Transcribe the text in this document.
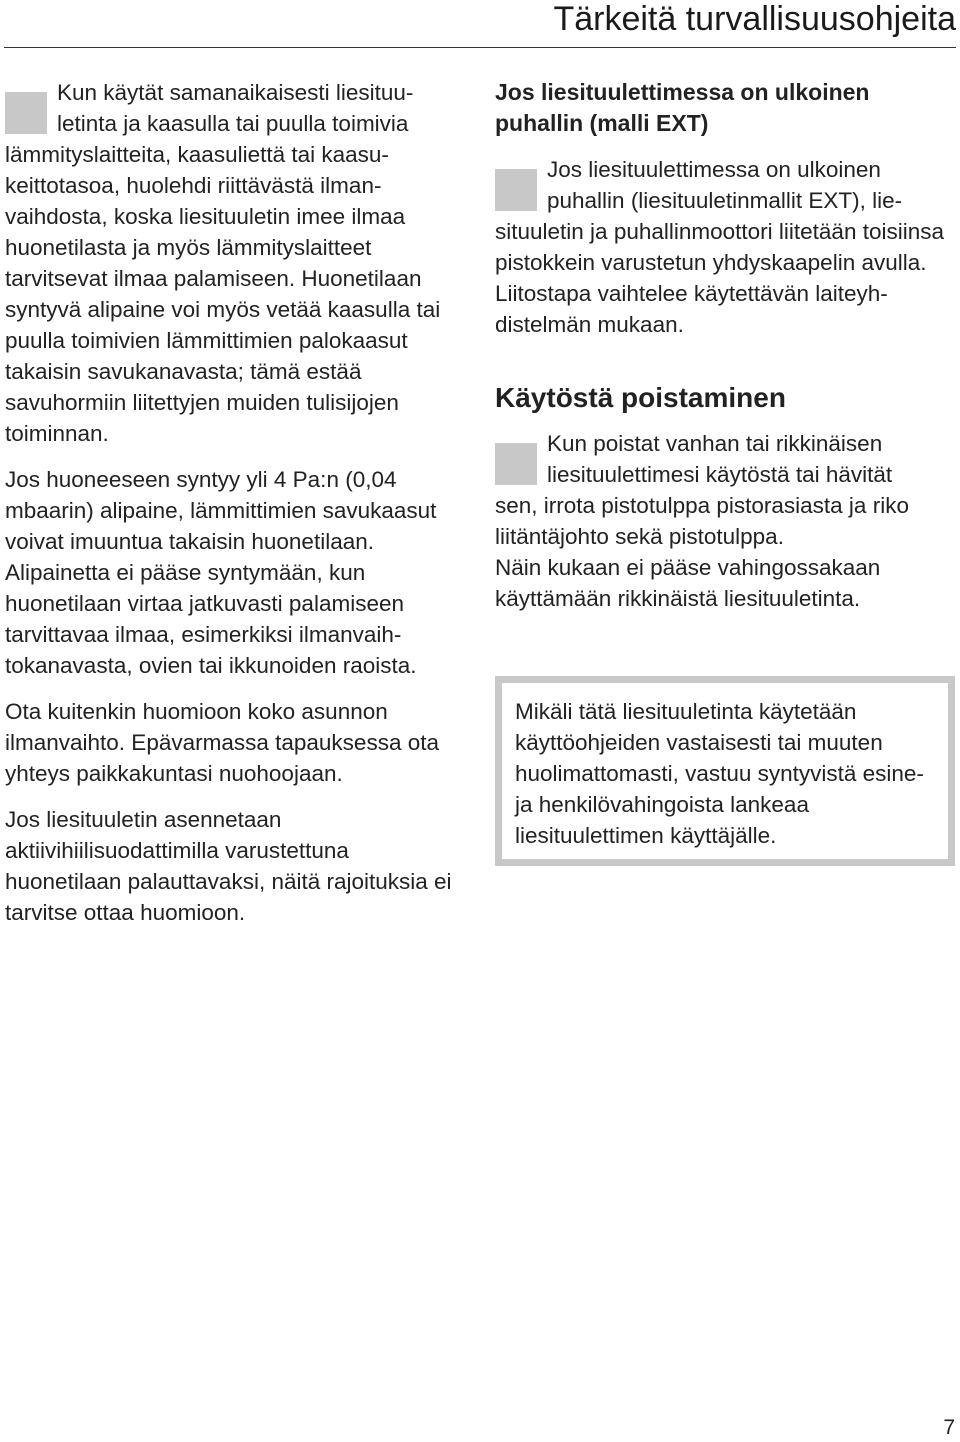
Tärkeitä turvallisuusohjeita
Kun käytät samanaikaisesti liesituu-
letinta ja kaasulla tai puulla toimivia
lämmityslaitteita, kaasuliettä tai kaasukeittotasoa, huolehdi riittävästä ilmanvaihdosta, koska liesituuletin imee ilmaa huonetilasta ja myös lämmityslaitteet tarvitsevat ilmaa palamiseen. Huonetilaan syntyvä alipaine voi myös vetää kaasulla tai puulla toimivien lämmittimien palokaasut takaisin savukanavasta; tämä estää savuhormiin liitettyjen muiden tulisijojen toiminnan.

Jos huoneeseen syntyy yli 4 Pa:n (0,04 mbaarin) alipaine, lämmittimien savukaasut voivat imuuntua takaisin huonetilaan.

Alipainetta ei pääse syntymään, kun huonetilaan virtaa jatkuvasti palamiseen tarvittavaa ilmaa, esimerkiksi ilmanvaihtokanavasta, ovien tai ikkunoiden raoista.

Ota kuitenkin huomioon koko asunnon ilmanvaihto. Epävarmassa tapauksessa ota yhteys paikkakuntasi nuohoojaan.

Jos liesituuletin asennetaan aktiivihiilisuodattimilla varustettuna huonetilaan palauttavaksi, näitä rajoituksia ei tarvitse ottaa huomioon.

Jos liesituulettimessa on ulkoinen puhallin (malli EXT)
Jos liesituulettimessa on ulkoinen
puhallin (liesituuletinmallit EXT), lie-
situuletin ja puhallinmoottori liitetään toisiinsa pistokkein varustetun yhdyskaapelin avulla.

Liitostapa vaihtelee käytettävän laiteyhdistelmän mukaan.

Käytöstä poistaminen
Kun poistat vanhan tai rikkinäisen
liesituulettimesi käytöstä tai hävität
sen, irrota pistotulppa pistorasiasta ja riko liitäntäjohto sekä pistotulppa.

Näin kukaan ei pääse vahingossakaan käyttämään rikkinäistä liesituuletinta.

Mikäli tätä liesituuletinta käytetään käyttöohjeiden vastaisesti tai muuten huolimattomasti, vastuu syntyvistä esine- ja henkilövahingoista lankeaa liesituulettimen käyttäjälle.
7
